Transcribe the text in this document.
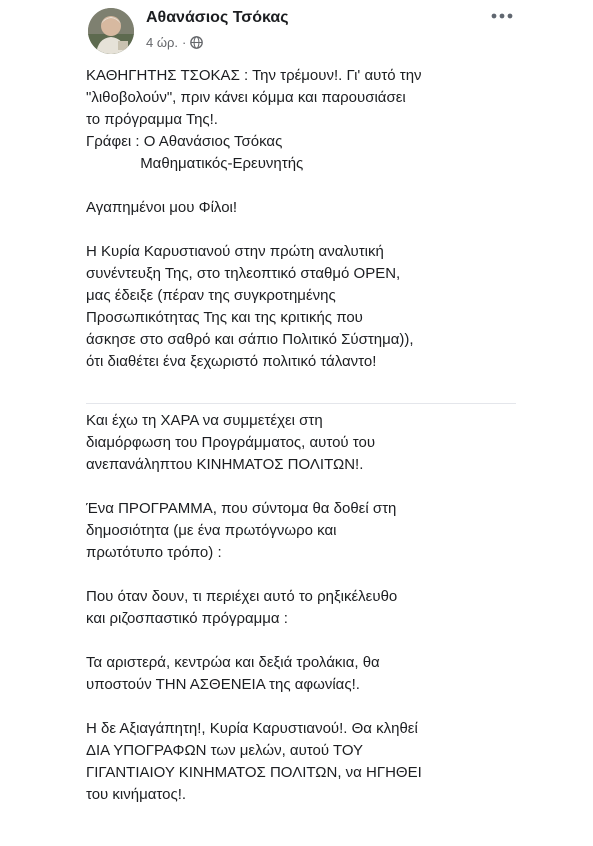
Αθανάσιος Τσόκας
4 ώρ. ·

ΚΑΘΗΓΗΤΗΣ ΤΣΟΚΑΣ : Την τρέμουν!. Γι' αυτό την
"λιθοβολούν", πριν κάνει κόμμα και παρουσιάσει
το πρόγραμμα Της!.
Γράφει : Ο Αθανάσιος Τσόκας
Μαθηματικός-Ερευνητής

Αγαπημένοι μου Φίλοι!

Η Κυρία Καρυστιανού στην πρώτη αναλυτική
συνέντευξη Της, στο τηλεοπτικό σταθμό OPEN,
μας έδειξε (πέραν της συγκροτημένης
Προσωπικότητας Της και της κριτικής που
άσκησε στο σαθρό και σάπιο Πολιτικό Σύστημα)),
ότι διαθέτει ένα ξεχωριστό πολιτικό τάλαντο!

Και έχω τη ΧΑΡΑ να συμμετέχει στη
διαμόρφωση του Προγράμματος, αυτού του
ανεπανάληπτου ΚΙΝΗΜΑΤΟΣ ΠΟΛΙΤΩΝ!.

Ένα ΠΡΟΓΡΑΜΜΑ, που σύντομα θα δοθεί στη
δημοσιότητα (με ένα πρωτόγνωρο και
πρωτότυπο τρόπο) :

Που όταν δουν, τι περιέχει αυτό το ρηξικέλευθο
και ριζοσπαστικό πρόγραμμα :

Τα αριστερά, κεντρώα και δεξιά τρολάκια, θα
υποστούν ΤΗΝ ΑΣΘΕΝΕΙΑ της αφωνίας!.

Η δε Αξιαγάπητη!, Κυρία Καρυστιανού!. Θα κληθεί
ΔΙΑ ΥΠΟΓΡΑΦΩΝ των μελών, αυτού ΤΟΥ
ΓΙΓΑΝΤΙΑΙΟΥ ΚΙΝΗΜΑΤΟΣ ΠΟΛΙΤΩΝ, να ΗΓΗΘΕΙ
του κινήματος!.
